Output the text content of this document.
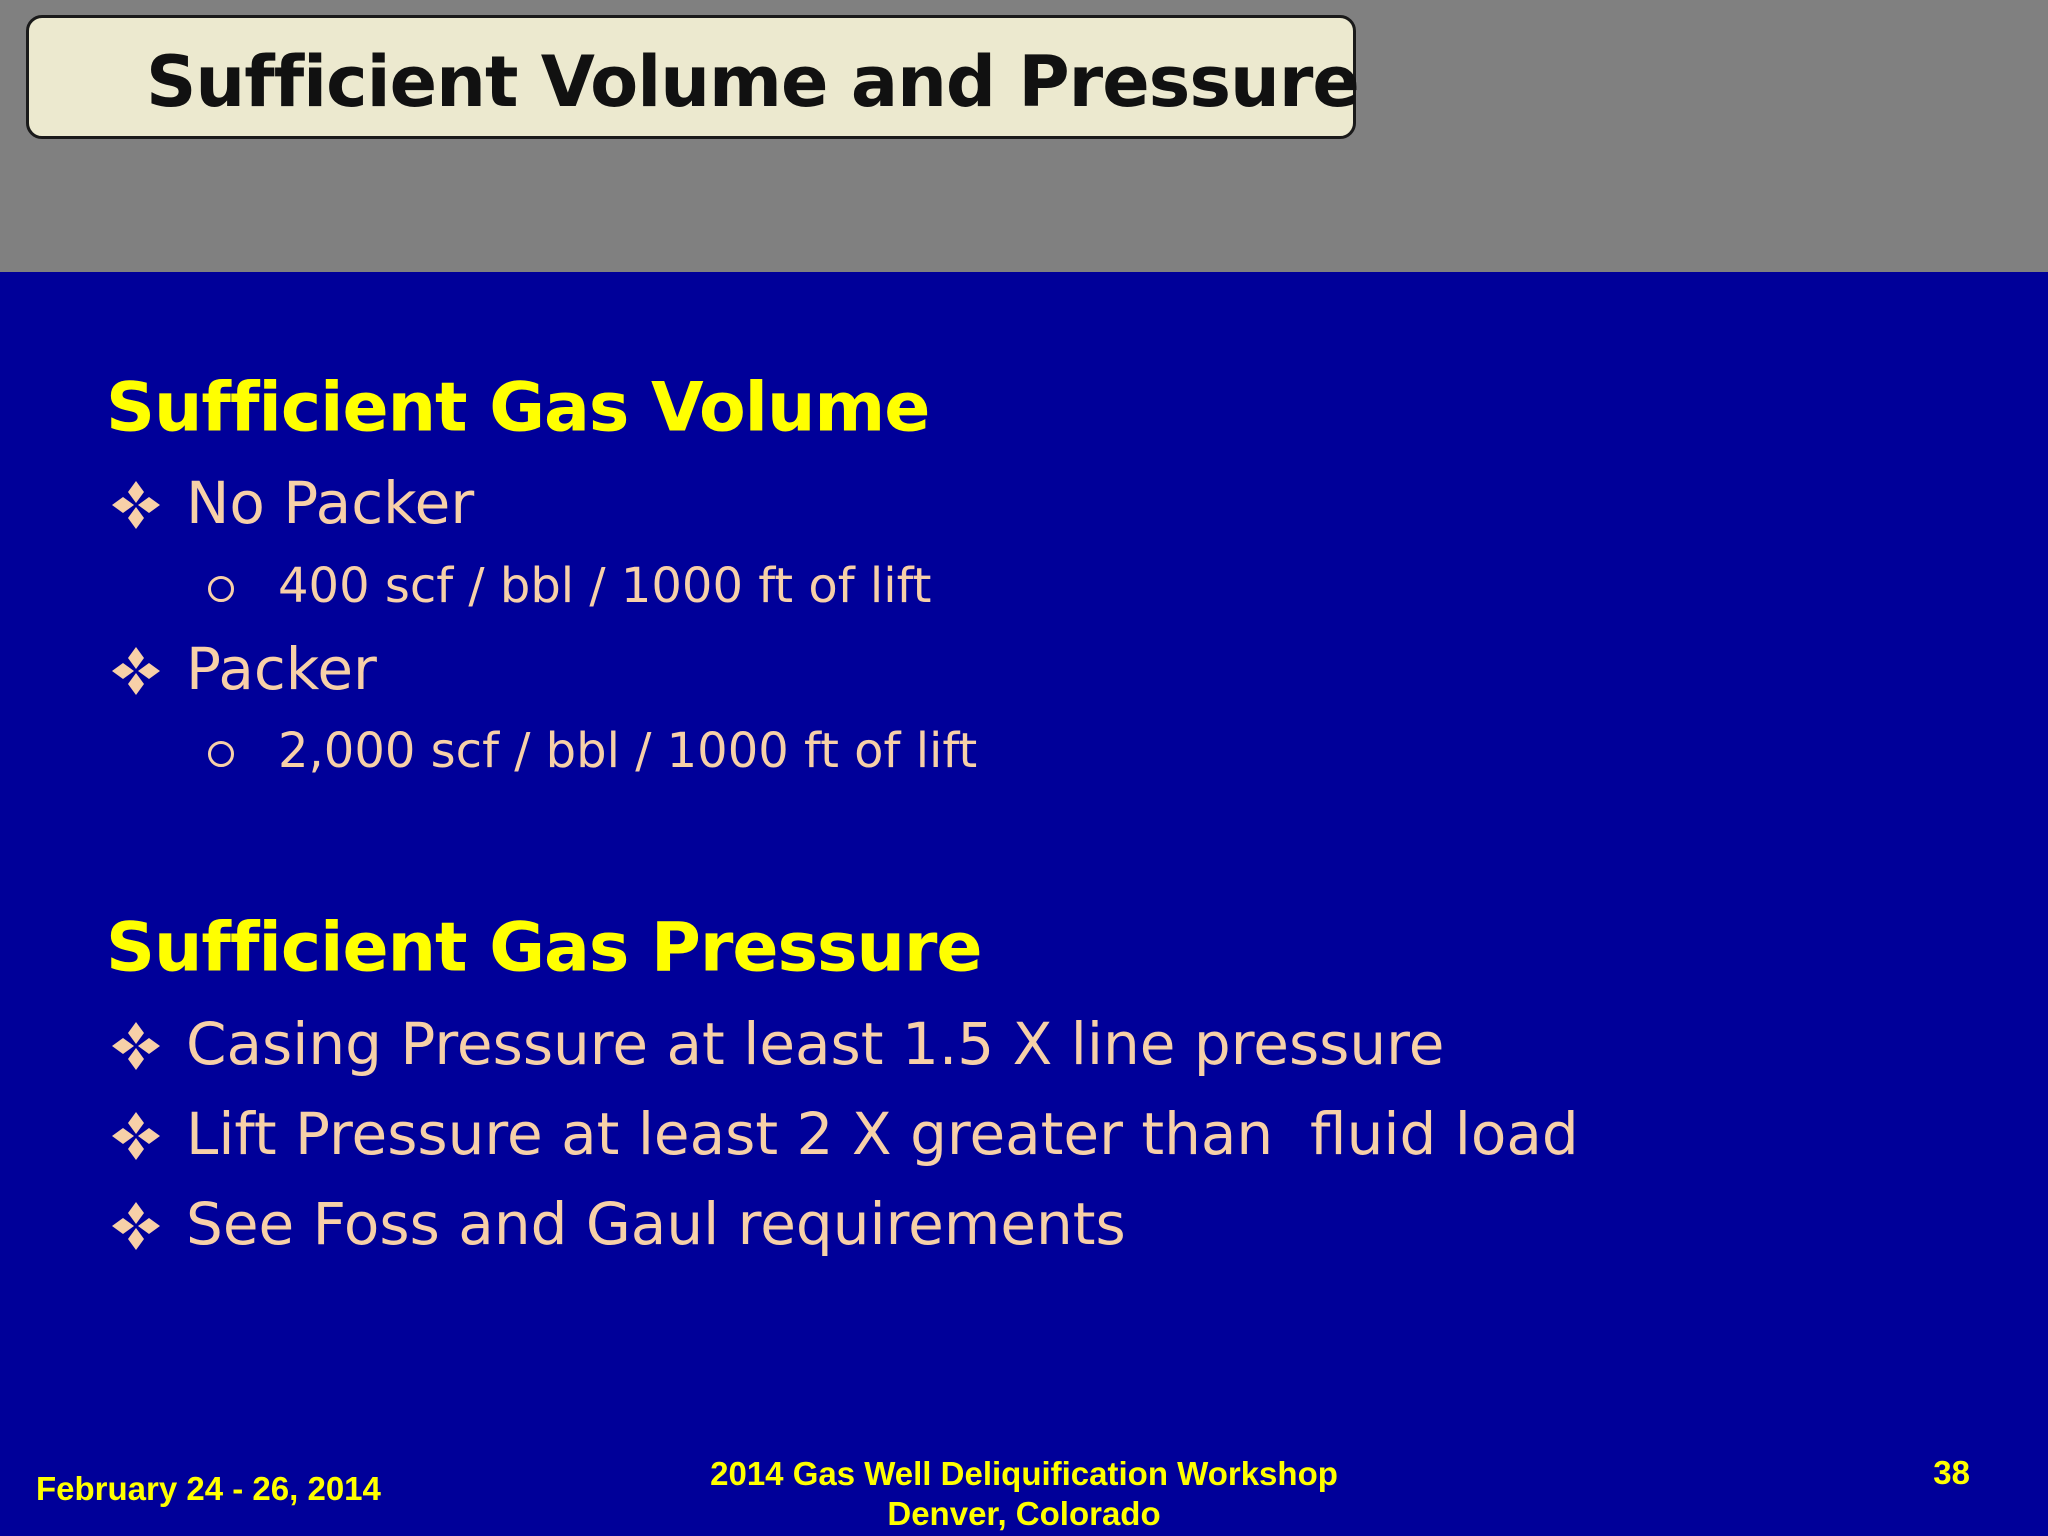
Sufficient Volume and Pressure
Sufficient Gas Volume
No Packer
400 scf / bbl / 1000 ft of lift
Packer
2,000 scf / bbl / 1000 ft of lift
Sufficient Gas Pressure
Casing Pressure at least 1.5 X line pressure
Lift Pressure at least 2 X greater than  fluid load
See Foss and Gaul requirements
February 24 - 26, 2014	2014 Gas Well Deliquification Workshop
Denver, Colorado
38
